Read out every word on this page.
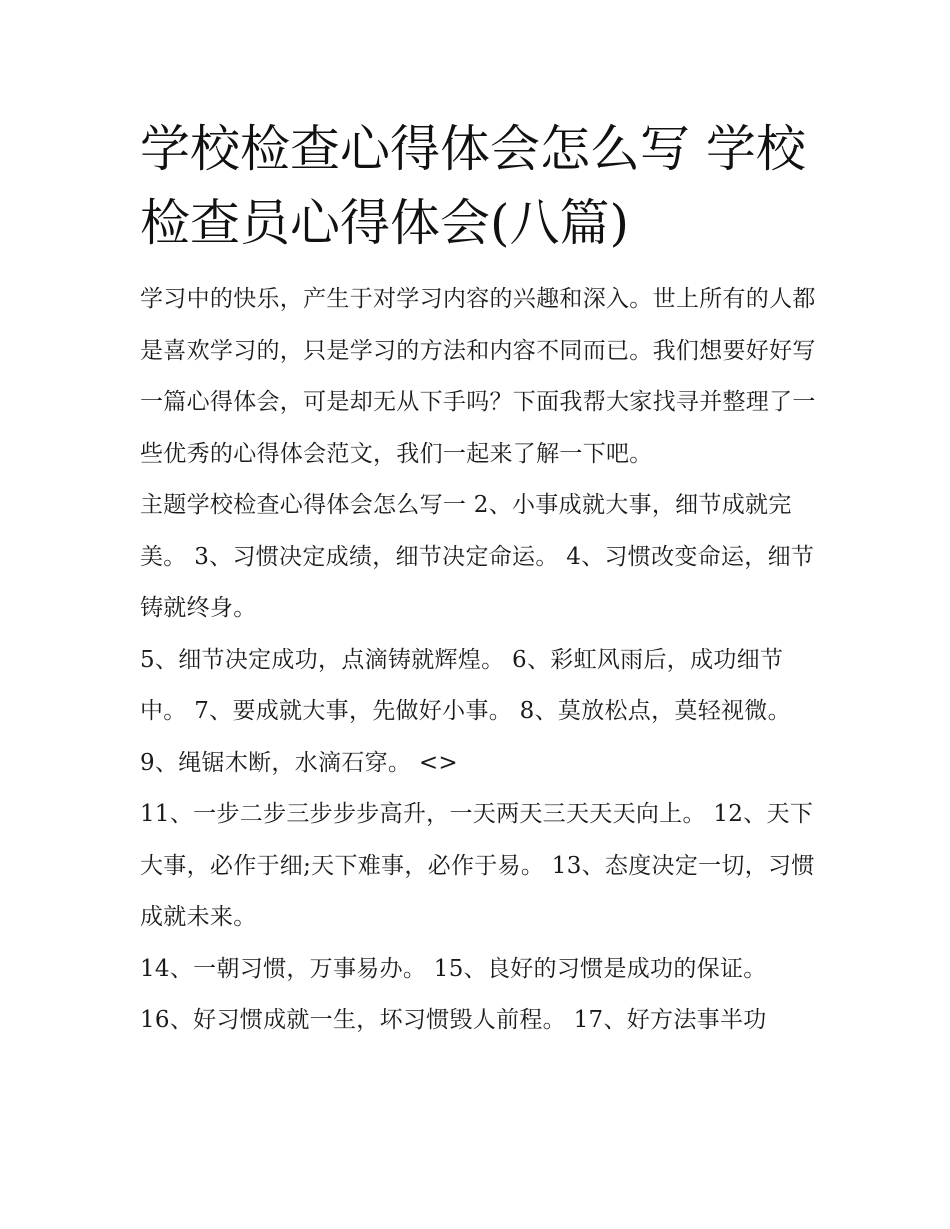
学校检查心得体会怎么写 学校检查员心得体会(八篇)

学习中的快乐，产生于对学习内容的兴趣和深入。世上所有的人都是喜欢学习的，只是学习的方法和内容不同而已。我们想要好好写一篇心得体会，可是却无从下手吗？下面我帮大家找寻并整理了一些优秀的心得体会范文，我们一起来了解一下吧。

主题学校检查心得体会怎么写一 2、小事成就大事，细节成就完美。 3、习惯决定成绩，细节决定命运。 4、习惯改变命运，细节铸就终身。

5、细节决定成功，点滴铸就辉煌。 6、彩虹风雨后，成功细节中。 7、要成就大事，先做好小事。 8、莫放松点，莫轻视微。 9、绳锯木断，水滴石穿。 <>

11、一步二步三步步步高升，一天两天三天天天向上。 12、天下大事，必作于细;天下难事，必作于易。 13、态度决定一切，习惯成就未来。

14、一朝习惯，万事易办。 15、良好的习惯是成功的保证。 16、好习惯成就一生，坏习惯毁人前程。 17、好方法事半功
